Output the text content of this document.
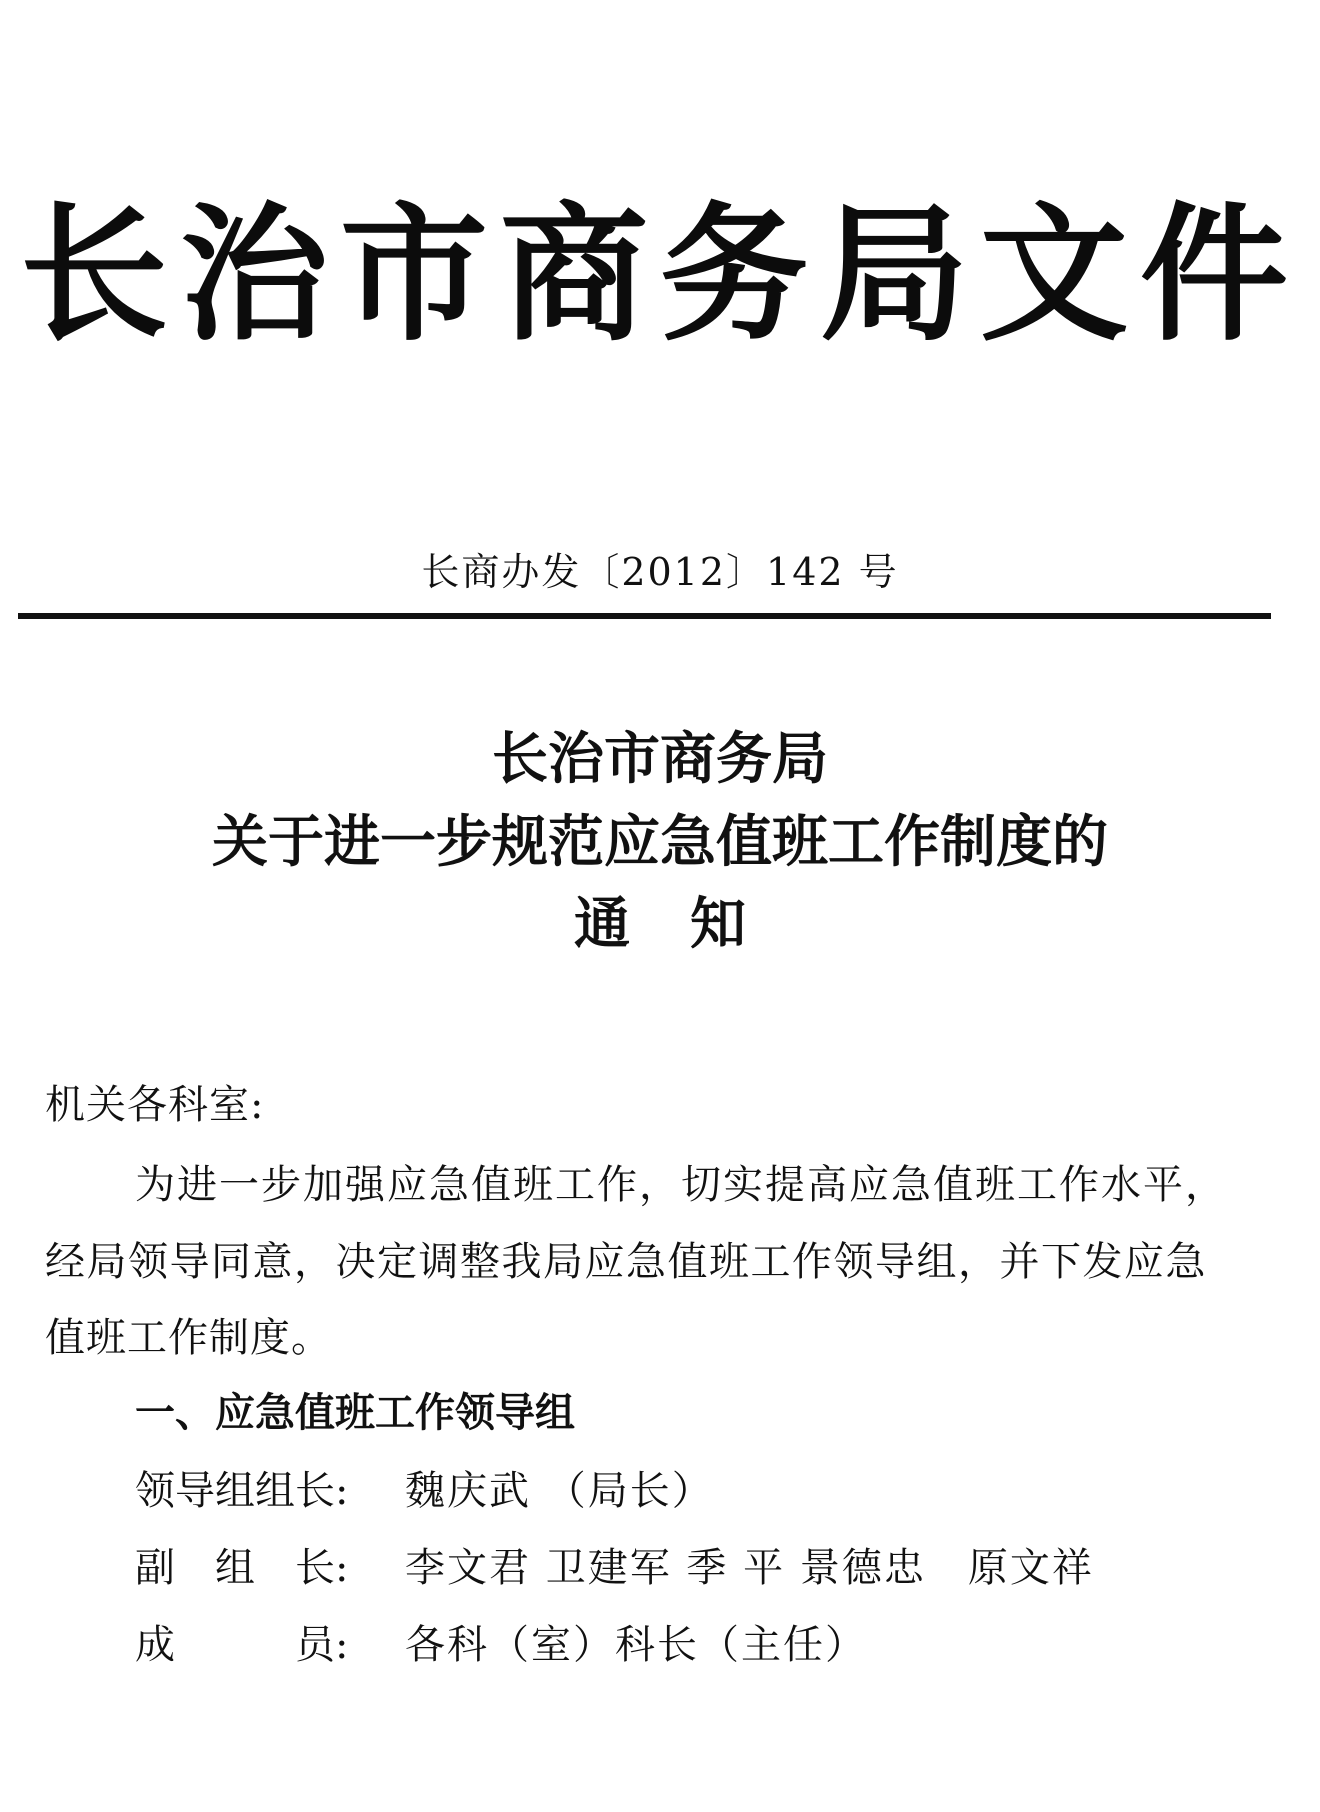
长治市商务局文件
长商办发〔2012〕142 号
长治市商务局
关于进一步规范应急值班工作制度的
通知
机关各科室:
为进一步加强应急值班工作，切实提高应急值班工作水平，
经局领导同意，决定调整我局应急值班工作领导组，并下发应急
值班工作制度。
一、应急值班工作领导组
领导组组长: 魏庆武 （局长）
副　组　长: 李文君 卫建军 季 平 景德忠　原文祥
成　　　员: 各科（室）科长（主任）
